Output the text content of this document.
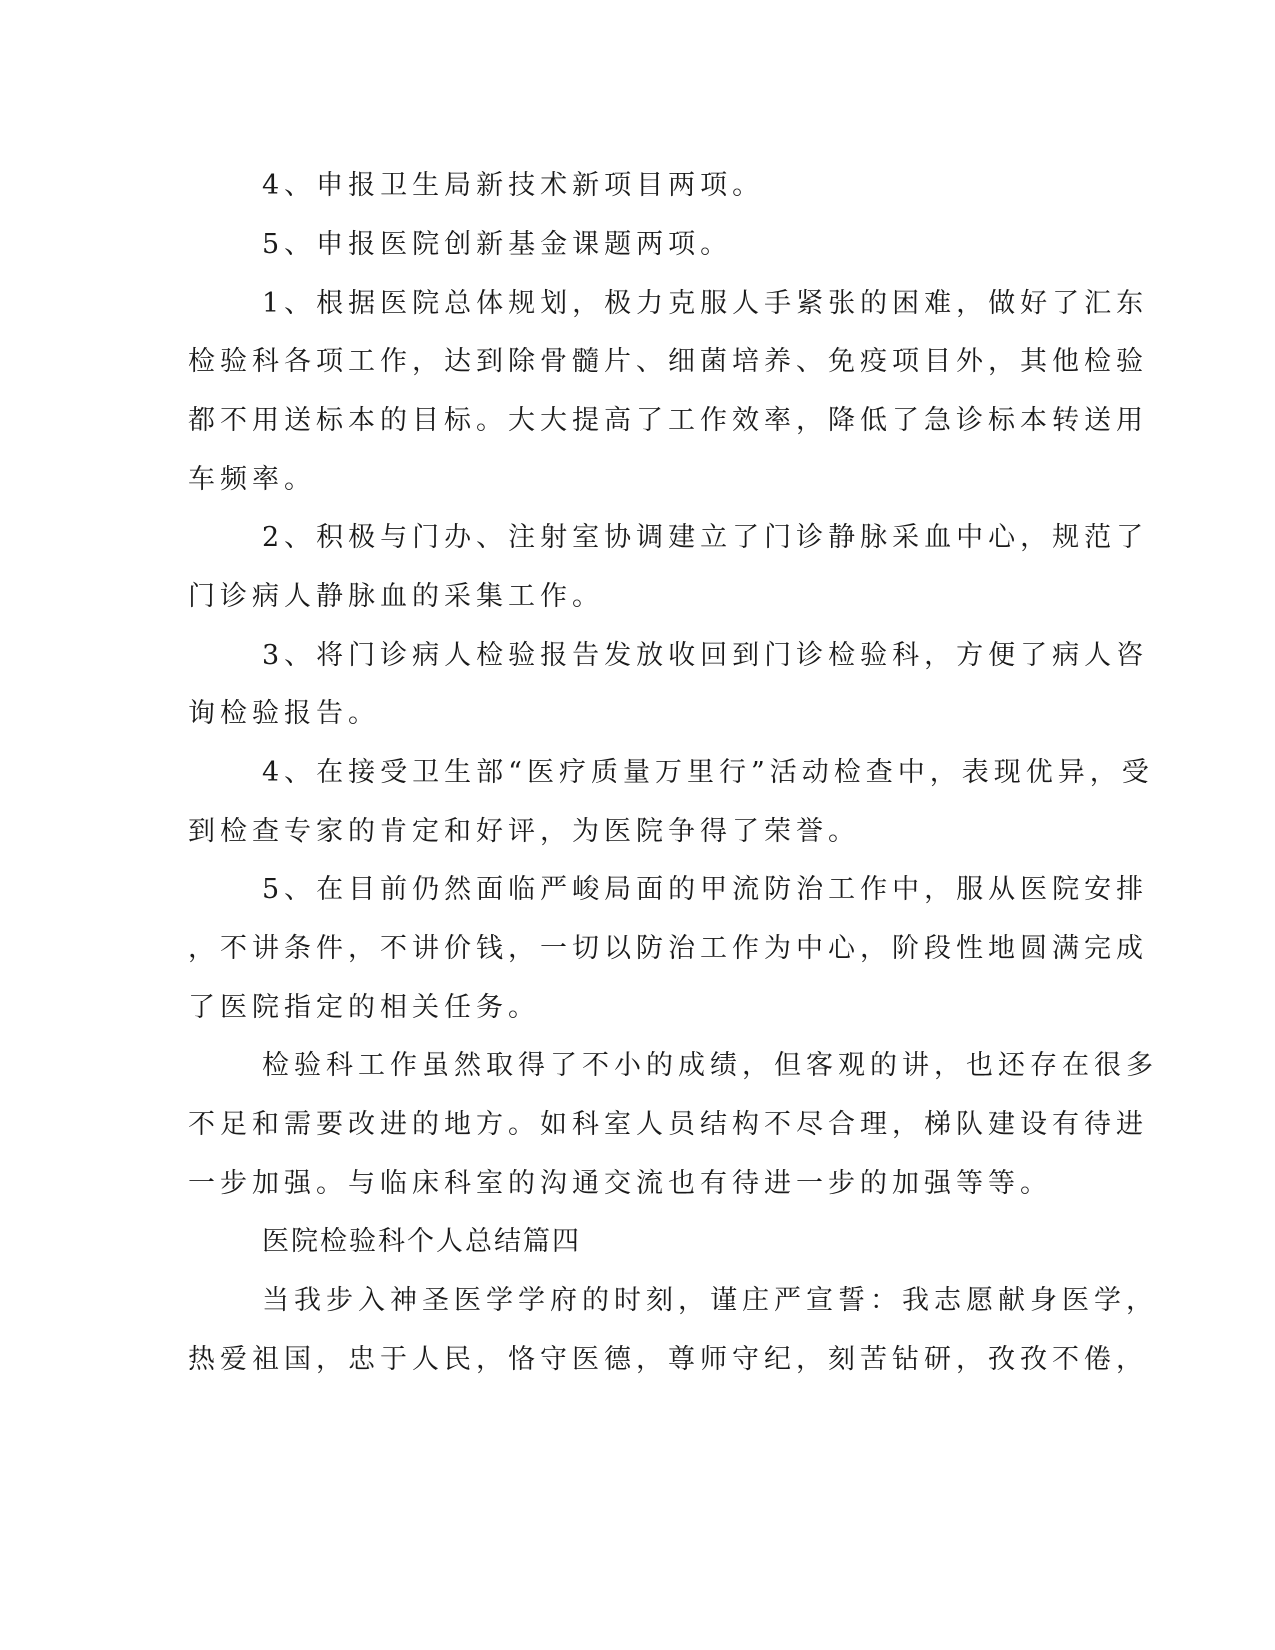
4、申报卫生局新技术新项目两项。
5、申报医院创新基金课题两项。
1、根据医院总体规划，极力克服人手紧张的困难，做好了汇东
检验科各项工作，达到除骨髓片、细菌培养、免疫项目外，其他检验
都不用送标本的目标。大大提高了工作效率，降低了急诊标本转送用
车频率。
2、积极与门办、注射室协调建立了门诊静脉采血中心，规范了
门诊病人静脉血的采集工作。
3、将门诊病人检验报告发放收回到门诊检验科，方便了病人咨
询检验报告。
4、在接受卫生部“医疗质量万里行”活动检查中，表现优异，受
到检查专家的肯定和好评，为医院争得了荣誉。
5、在目前仍然面临严峻局面的甲流防治工作中，服从医院安排
，不讲条件，不讲价钱，一切以防治工作为中心，阶段性地圆满完成
了医院指定的相关任务。
检验科工作虽然取得了不小的成绩，但客观的讲，也还存在很多
不足和需要改进的地方。如科室人员结构不尽合理，梯队建设有待进
一步加强。与临床科室的沟通交流也有待进一步的加强等等。
医院检验科个人总结篇四
当我步入神圣医学学府的时刻，谨庄严宣誓：我志愿献身医学，
热爱祖国，忠于人民，恪守医德，尊师守纪，刻苦钻研，孜孜不倦，
